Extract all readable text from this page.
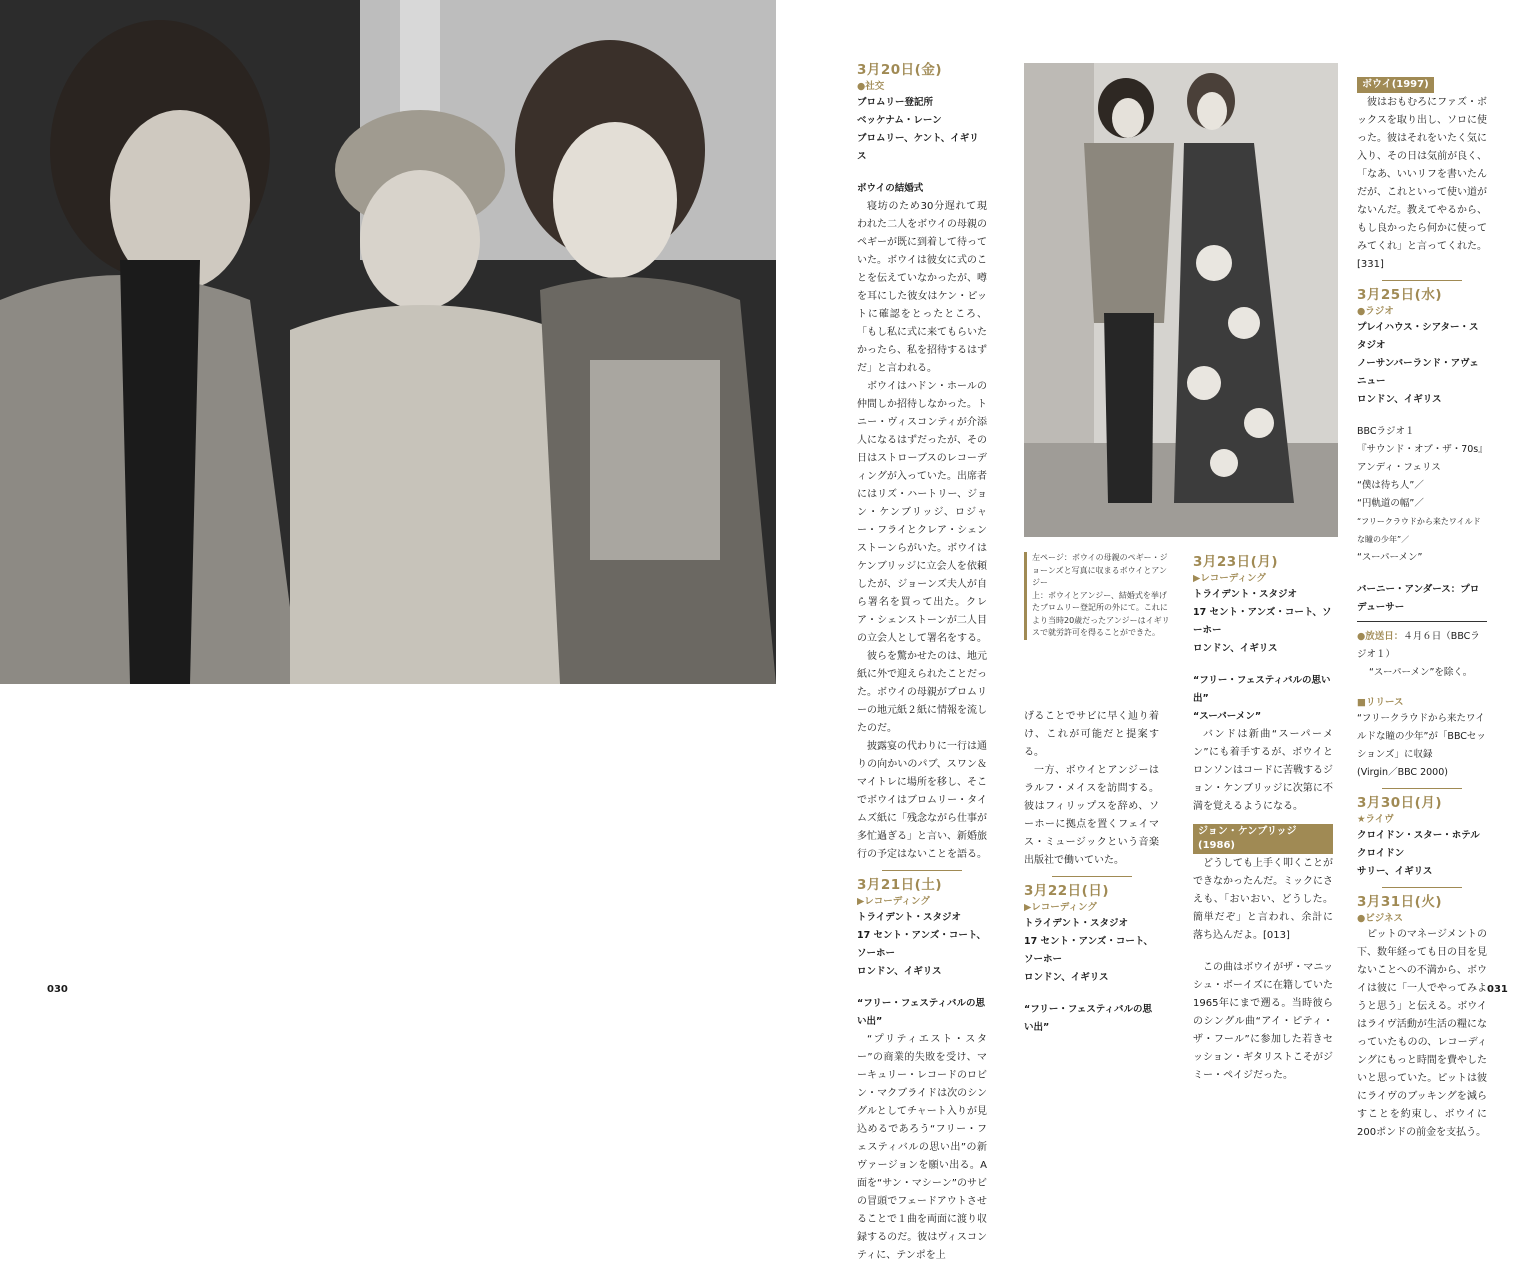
3月20日(金)
●社交
ブロムリー登記所
ベッケナム・レーン
ブロムリー、ケント、イギリス
ボウイの結婚式

寝坊のため30分遅れて現われた二人をボウイの母親のペギーが既に到着して待っていた。ボウイは彼女に式のことを伝えていなかったが、噂を耳にした彼女はケン・ピットに確認をとったところ、「もし私に式に来てもらいたかったら、私を招待するはずだ」と言われる。

ボウイはハドン・ホールの仲間しか招待しなかった。トニー・ヴィスコンティが介添人になるはずだったが、その日はストローブスのレコーディングが入っていた。出席者にはリズ・ハートリー、ジョン・ケンブリッジ、ロジャー・フライとクレア・シェンストーンらがいた。ボウイはケンブリッジに立会人を依頼したが、ジョーンズ夫人が自ら署名を買って出た。クレア・シェンストーンが二人目の立会人として署名をする。

彼らを驚かせたのは、地元紙に外で迎えられたことだった。ボウイの母親がブロムリーの地元紙２紙に情報を流したのだ。

披露宴の代わりに一行は通りの向かいのパブ、スワン＆マイトレに場所を移し、そこでボウイはブロムリー・タイムズ紙に「残念ながら仕事が多忙過ぎる」と言い、新婚旅行の予定はないことを語る。

3月21日(土)
▶レコーディング
トライデント・スタジオ
17 セント・アンズ・コート、ソーホー
ロンドン、イギリス
“フリー・フェスティバルの思い出”

“プリティエスト・スター”の商業的失敗を受け、マーキュリー・レコードのロビン・マクブライドは次のシングルとしてチャート入りが見込めるであろう“フリー・フェスティバルの思い出”の新ヴァージョンを願い出る。A面を“サン・マシーン”のサビの冒頭でフェードアウトさせることで１曲を両面に渡り収録するのだ。彼はヴィスコンティに、テンポを上

げることでサビに早く辿り着け、これが可能だと提案する。

一方、ボウイとアンジーはラルフ・メイスを訪問する。彼はフィリップスを辞め、ソーホーに拠点を置くフェイマス・ミュージックという音楽出版社で働いていた。

3月22日(日)
▶レコーディング
トライデント・スタジオ
17 セント・アンズ・コート、ソーホー
ロンドン、イギリス
“フリー・フェスティバルの思い出”
左ページ：ボウイの母親のペギー・ジョーンズと写真に収まるボウイとアンジー
上：ボウイとアンジー、結婚式を挙げたブロムリー登記所の外にて。これにより当時20歳だったアンジーはイギリスで就労許可を得ることができた。
3月23日(月)
▶レコーディング
トライデント・スタジオ
17 セント・アンズ・コート、ソーホー
ロンドン、イギリス
“フリー・フェスティバルの思い出”
“スーパーメン”

バンドは新曲“スーパーメン”にも着手するが、ボウイとロンソンはコードに苦戦するジョン・ケンブリッジに次第に不満を覚えるようになる。

ジョン・ケンブリッジ(1986)

どうしても上手く叩くことができなかったんだ。ミックにさえも、「おいおい、どうした。簡単だぞ」と言われ、余計に落ち込んだよ。[013]

この曲はボウイがザ・マニッシュ・ボーイズに在籍していた1965年にまで遡る。当時彼らのシングル曲“アイ・ピティ・ザ・フール”に参加した若きセッション・ギタリストこそがジミー・ペイジだった。

ボウイ(1997)

彼はおもむろにファズ・ボックスを取り出し、ソロに使った。彼はそれをいたく気に入り、その日は気前が良く、「なあ、いいリフを書いたんだが、これといって使い道がないんだ。教えてやるから、もし良かったら何かに使ってみてくれ」と言ってくれた。[331]

3月25日(水)
●ラジオ
プレイハウス・シアター・スタジオ
ノーサンバーランド・アヴェニュー
ロンドン、イギリス
BBCラジオ１
『サウンド・オブ・ザ・70s』
アンディ・フェリス
“僕は待ち人”／
“円軌道の幅”／
“フリークラウドから来たワイルドな瞳の少年”／
“スーパーメン”
バーニー・アンダース：プロデューサー
●放送日：４月６日（BBCラジオ１）
“スーパーメン”を除く。
■リリース

“フリークラウドから来たワイルドな瞳の少年”が「BBCセッションズ」に収録

(Virgin／BBC 2000)

3月30日(月)
★ライヴ
クロイドン・スター・ホテル
クロイドン
サリー、イギリス
3月31日(火)
●ビジネス

ピットのマネージメントの下、数年経っても日の目を見ないことへの不満から、ボウイは彼に「一人でやってみようと思う」と伝える。ボウイはライヴ活動が生活の糧になっていたものの、レコーディングにもっと時間を費やしたいと思っていた。ピットは彼にライヴのブッキングを減らすことを約束し、ボウイに200ポンドの前金を支払う。

030	031
